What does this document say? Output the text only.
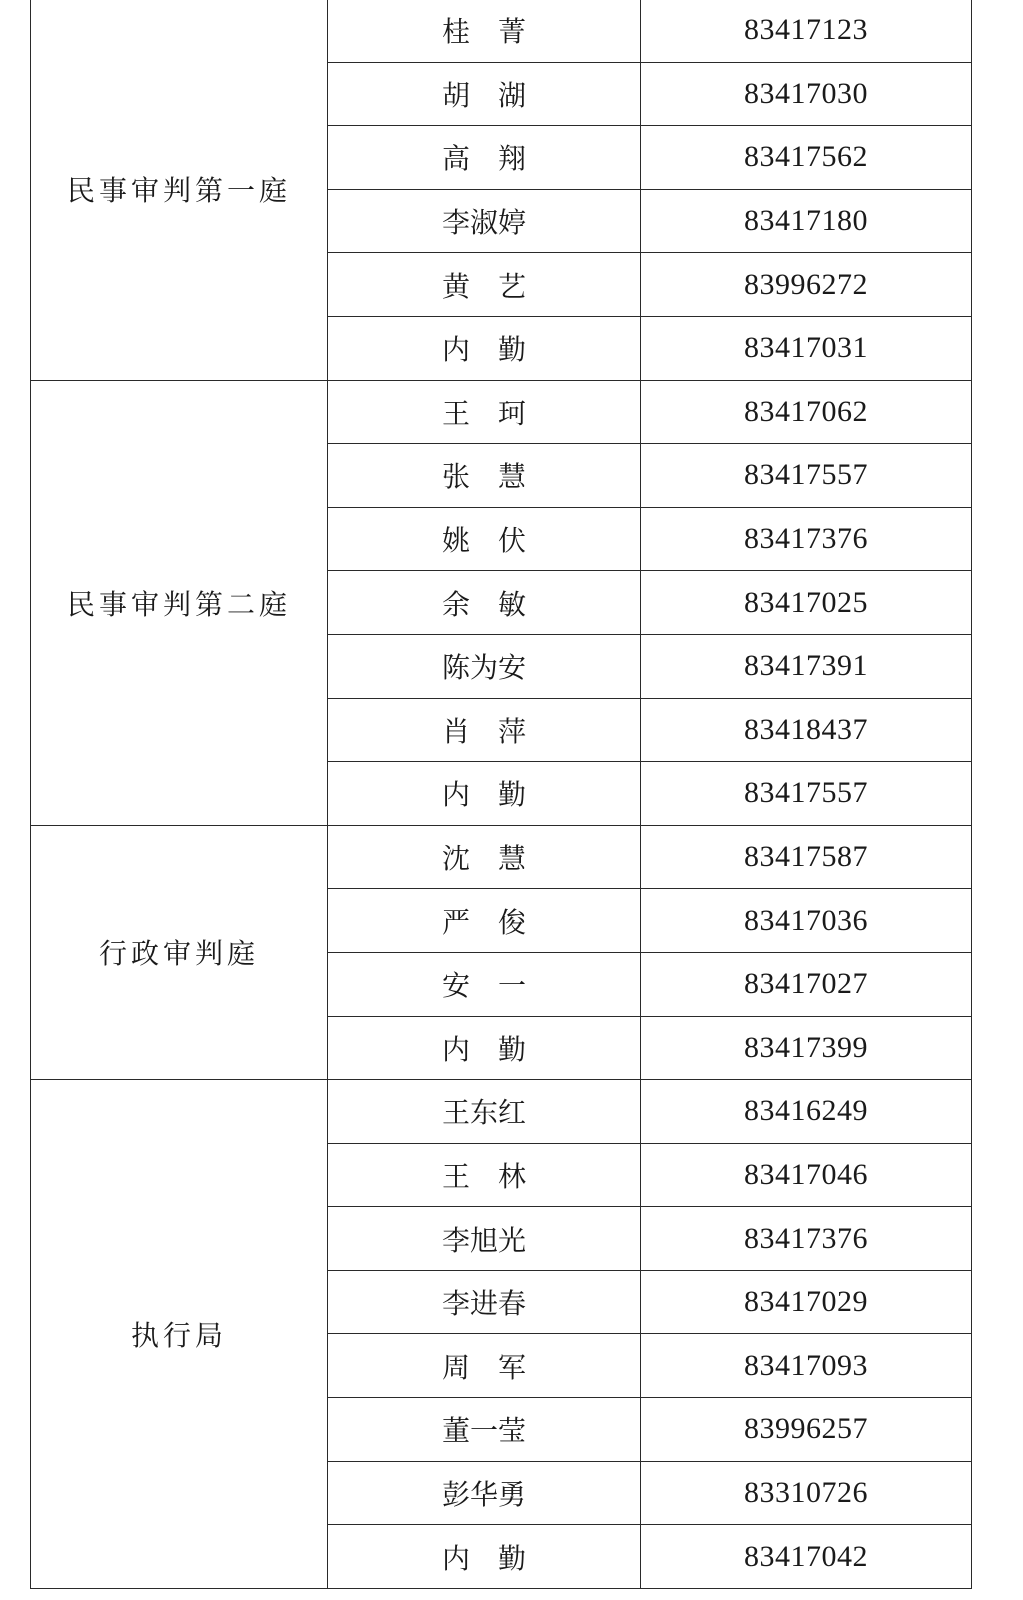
民事审判第一庭	桂　菁	83417123
	胡　湖	83417030
	高　翔	83417562
	李淑婷	83417180
	黄　艺	83996272
	内　勤	83417031
民事审判第二庭	王　珂	83417062
	张　慧	83417557
	姚　伏	83417376
	余　敏	83417025
	陈为安	83417391
	肖　萍	83418437
	内　勤	83417557
行政审判庭	沈　慧	83417587
	严　俊	83417036
	安　一	83417027
	内　勤	83417399
执行局	王东红	83416249
	王　林	83417046
	李旭光	83417376
	李进春	83417029
	周　军	83417093
	董一莹	83996257
	彭华勇	83310726
	内　勤	83417042
